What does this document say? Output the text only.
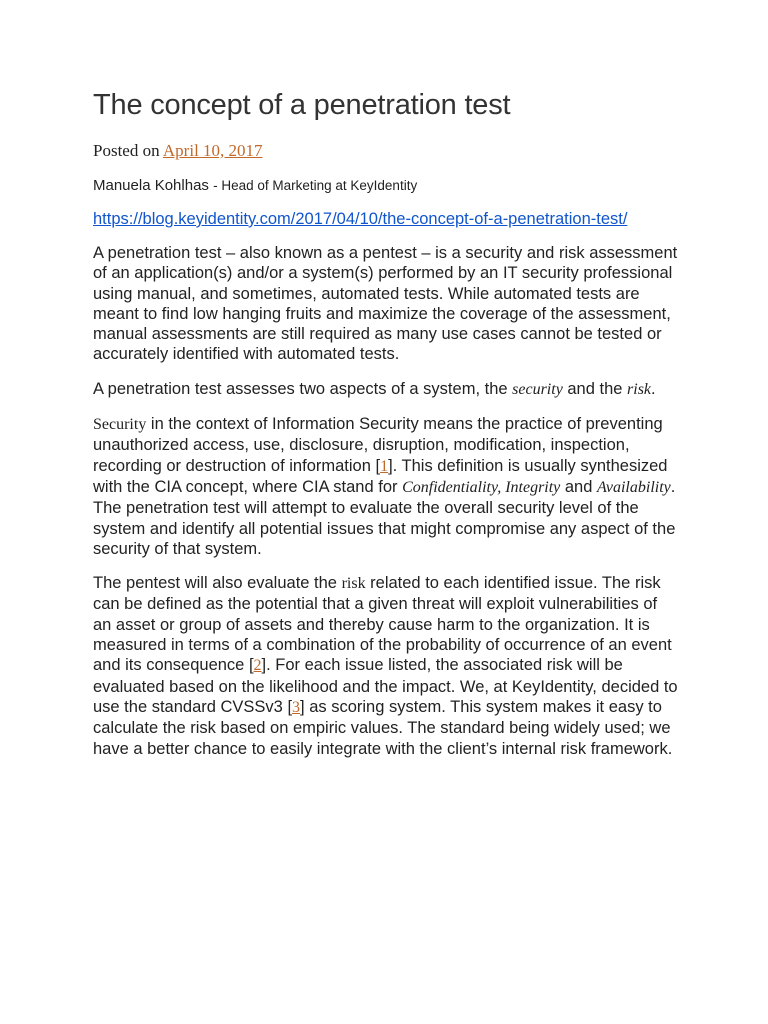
The concept of a penetration test
Posted on April 10, 2017
Manuela Kohlhas - Head of Marketing at KeyIdentity
https://blog.keyidentity.com/2017/04/10/the-concept-of-a-penetration-test/

A penetration test – also known as a pentest – is a security and risk assessment of an application(s) and/or a system(s) performed by an IT security professional using manual, and sometimes, automated tests. While automated tests are meant to find low hanging fruits and maximize the coverage of the assessment, manual assessments are still required as many use cases cannot be tested or accurately identified with automated tests.

A penetration test assesses two aspects of a system, the security and the risk.

Security in the context of Information Security means the practice of preventing unauthorized access, use, disclosure, disruption, modification, inspection, recording or destruction of information [1]. This definition is usually synthesized with the CIA concept, where CIA stand for Confidentiality, Integrity and Availability. The penetration test will attempt to evaluate the overall security level of the system and identify all potential issues that might compromise any aspect of the security of that system.

The pentest will also evaluate the risk related to each identified issue. The risk can be defined as the potential that a given threat will exploit vulnerabilities of an asset or group of assets and thereby cause harm to the organization. It is measured in terms of a combination of the probability of occurrence of an event and its consequence [2]. For each issue listed, the associated risk will be evaluated based on the likelihood and the impact. We, at KeyIdentity, decided to use the standard CVSSv3 [3] as scoring system. This system makes it easy to calculate the risk based on empiric values. The standard being widely used; we have a better chance to easily integrate with the client’s internal risk framework.
